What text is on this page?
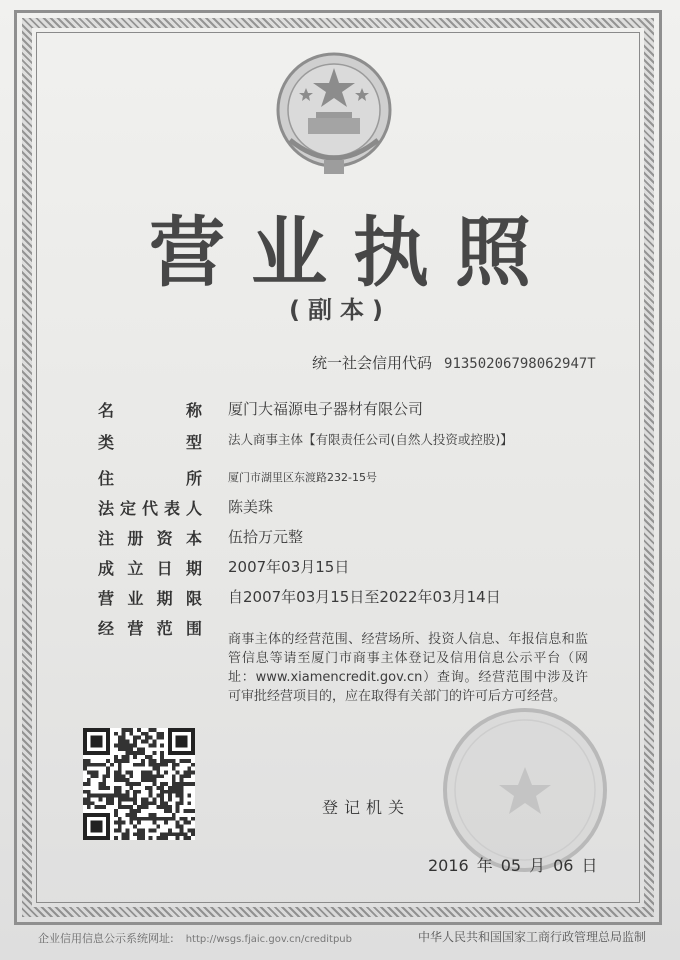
营业执照
(副本)
统一社会信用代码 91350206798062947T
名 称 厦门大福源电子器材有限公司
类 型 法人商事主体【有限责任公司(自然人投资或控股)】
住 所 厦门市湖里区东渡路232-15号
法定代表人 陈美珠
注 册 资 本 伍拾万元整
成 立 日 期 2007年03月15日
营 业 期 限 自2007年03月15日至2022年03月14日
经 营 范 围
商事主体的经营范围、经营场所、投资人信息、年报信息和监管信息等请至厦门市商事主体登记及信用信息公示平台（网址：www.xiamencredit.gov.cn）查询。经营范围中涉及许可审批经营项目的，应在取得有关部门的许可后方可经营。
登记机关
2016 年 05 月 06 日
企业信用信息公示系统网址: http://wsgs.fjaic.gov.cn/creditpub	中华人民共和国国家工商行政管理总局监制
